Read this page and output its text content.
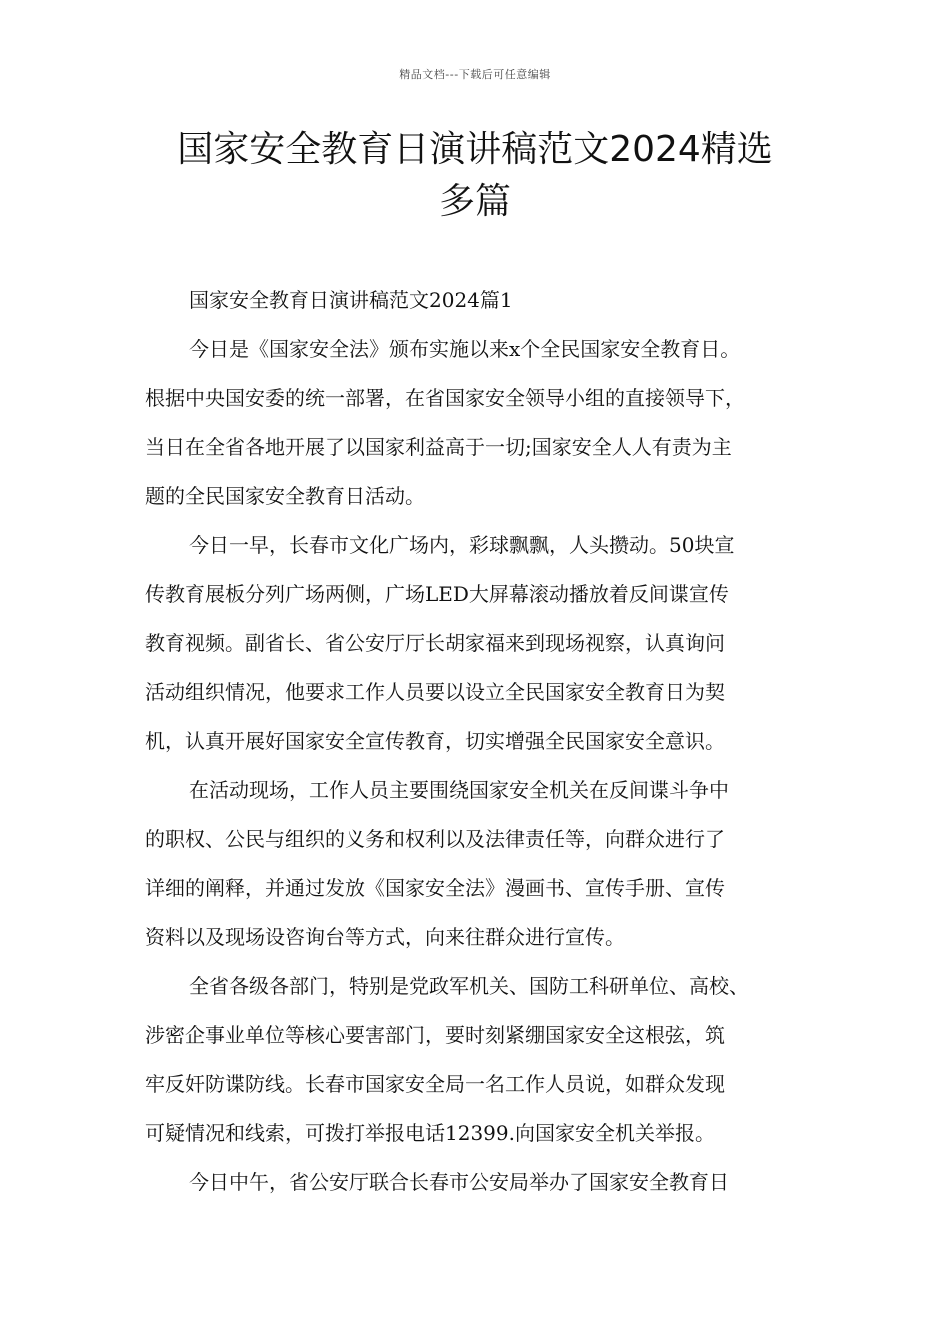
精品文档---下载后可任意编辑
国家安全教育日演讲稿范文2024精选
多篇
国家安全教育日演讲稿范文2024篇1
今日是《国家安全法》颁布实施以来x个全民国家安全教育日。
根据中央国安委的统一部署，在省国家安全领导小组的直接领导下，
当日在全省各地开展了以国家利益高于一切;国家安全人人有责为主
题的全民国家安全教育日活动。
今日一早，长春市文化广场内，彩球飘飘，人头攒动。50块宣
传教育展板分列广场两侧，广场LED大屏幕滚动播放着反间谍宣传
教育视频。副省长、省公安厅厅长胡家福来到现场视察，认真询问
活动组织情况，他要求工作人员要以设立全民国家安全教育日为契
机，认真开展好国家安全宣传教育，切实增强全民国家安全意识。
在活动现场，工作人员主要围绕国家安全机关在反间谍斗争中
的职权、公民与组织的义务和权利以及法律责任等，向群众进行了
详细的阐释，并通过发放《国家安全法》漫画书、宣传手册、宣传
资料以及现场设咨询台等方式，向来往群众进行宣传。
全省各级各部门，特别是党政军机关、国防工科研单位、高校、
涉密企事业单位等核心要害部门，要时刻紧绷国家安全这根弦，筑
牢反奸防谍防线。长春市国家安全局一名工作人员说，如群众发现
可疑情况和线索，可拨打举报电话12399.向国家安全机关举报。
今日中午，省公安厅联合长春市公安局举办了国家安全教育日
